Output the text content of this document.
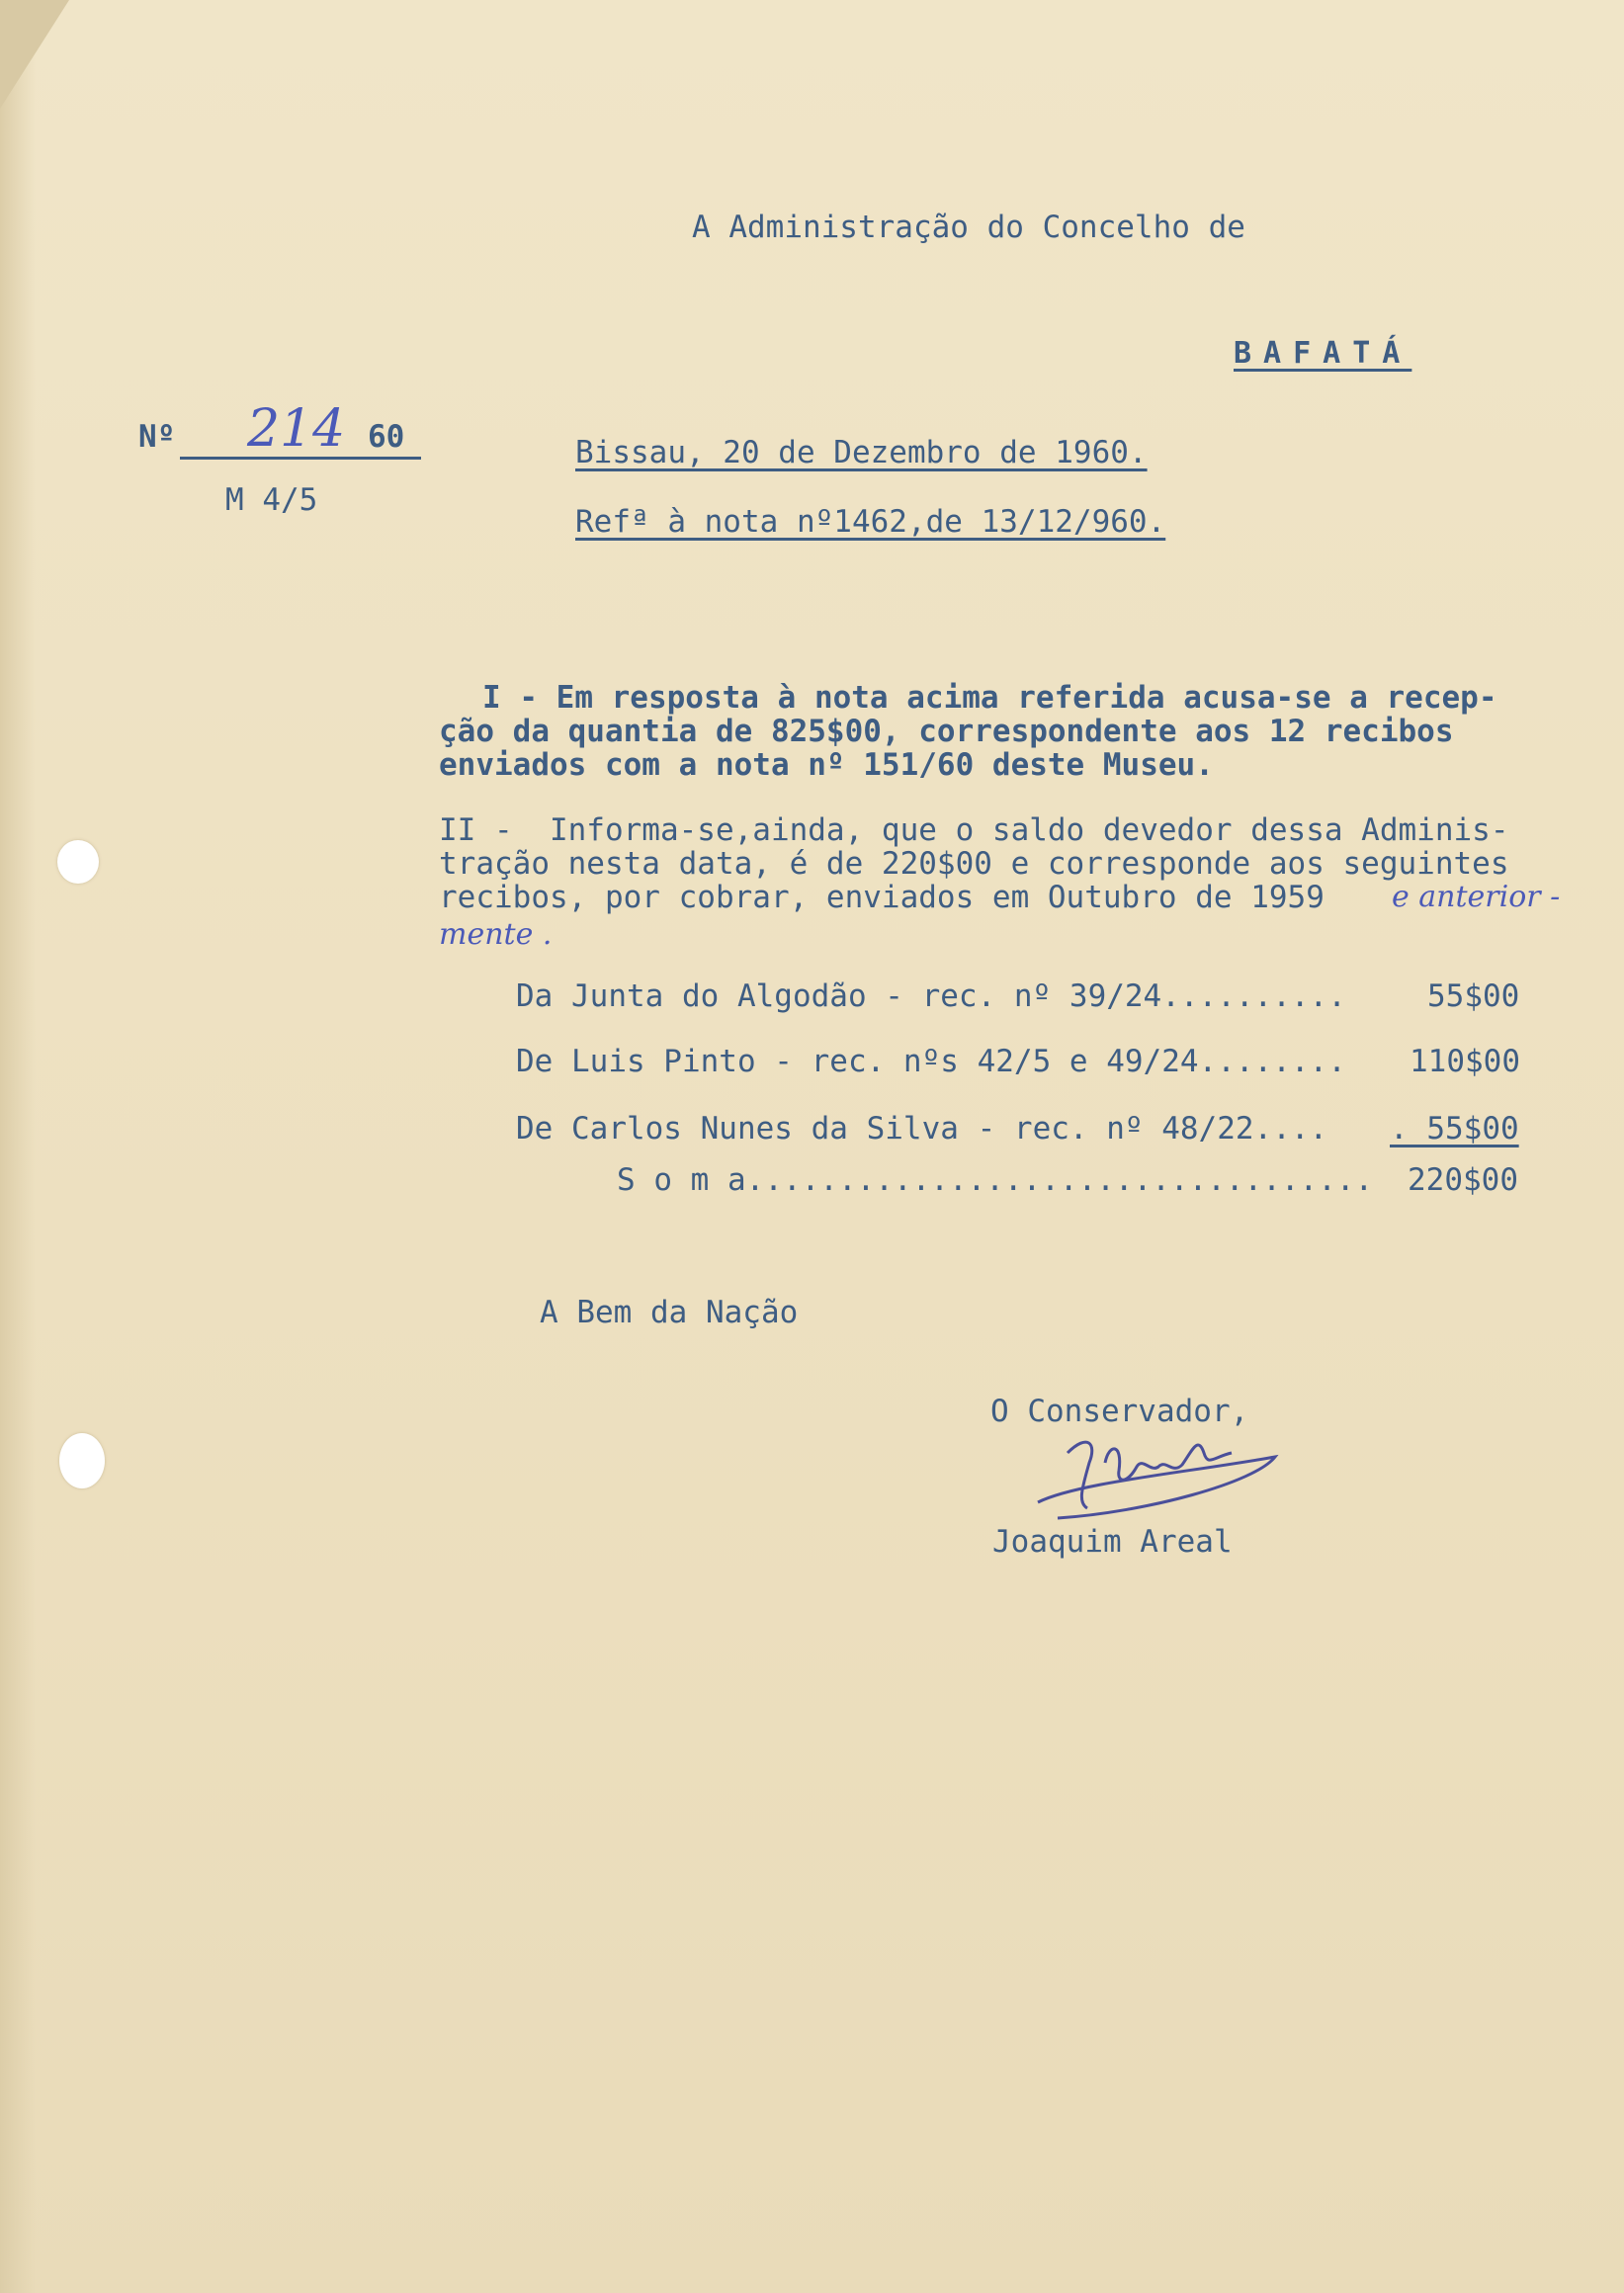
A Administração do Concelho de
BAFATÁ
Nº 214 60
M 4/5
Bissau, 20 de Dezembro de 1960.
Refª à nota nº1462,de 13/12/960.
I - Em resposta à nota acima referida acusa-se a recep-
ção da quantia de 825$00, correspondente aos 12 recibos
enviados com a nota nº 151/60 deste Museu.
II -  Informa-se,ainda, que o saldo devedor dessa Adminis-
tração nesta data, é de 220$00 e corresponde aos seguintes
recibos, por cobrar, enviados em Outubro de 1959 e anterior -
mente .
Da Junta do Algodão - rec. nº 39/24..........	55$00
De Luis Pinto - rec. nºs 42/5 e 49/24........ 110$00
De Carlos Nunes da Silva - rec. nº 48/22.... . 55$00
S o m a.................................. 220$00
A Bem da Nação
O Conservador,
Joaquim Areal
